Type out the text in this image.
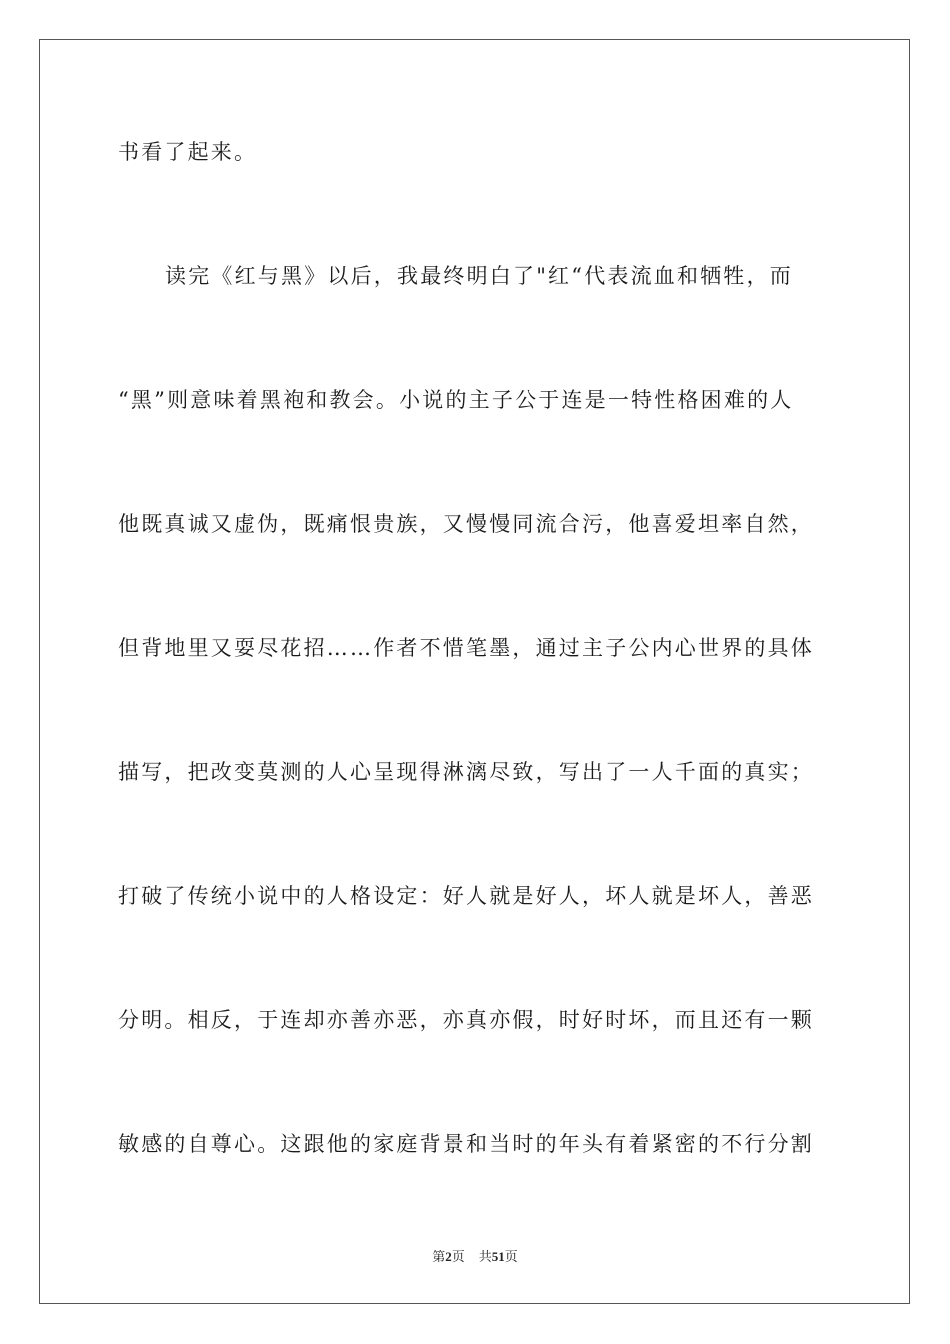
书看了起来。
读完《红与黑》以后，我最终明白了"红“代表流血和牺牲，而
“黑”则意味着黑袍和教会。小说的主子公于连是一特性格困难的人
他既真诚又虚伪，既痛恨贵族，又慢慢同流合污，他喜爱坦率自然，
但背地里又耍尽花招……作者不惜笔墨，通过主子公内心世界的具体
描写，把改变莫测的人心呈现得淋漓尽致，写出了一人千面的真实；
打破了传统小说中的人格设定：好人就是好人，坏人就是坏人，善恶
分明。相反，于连却亦善亦恶，亦真亦假，时好时坏，而且还有一颗
敏感的自尊心。这跟他的家庭背景和当时的年头有着紧密的不行分割
第2页 共51页
